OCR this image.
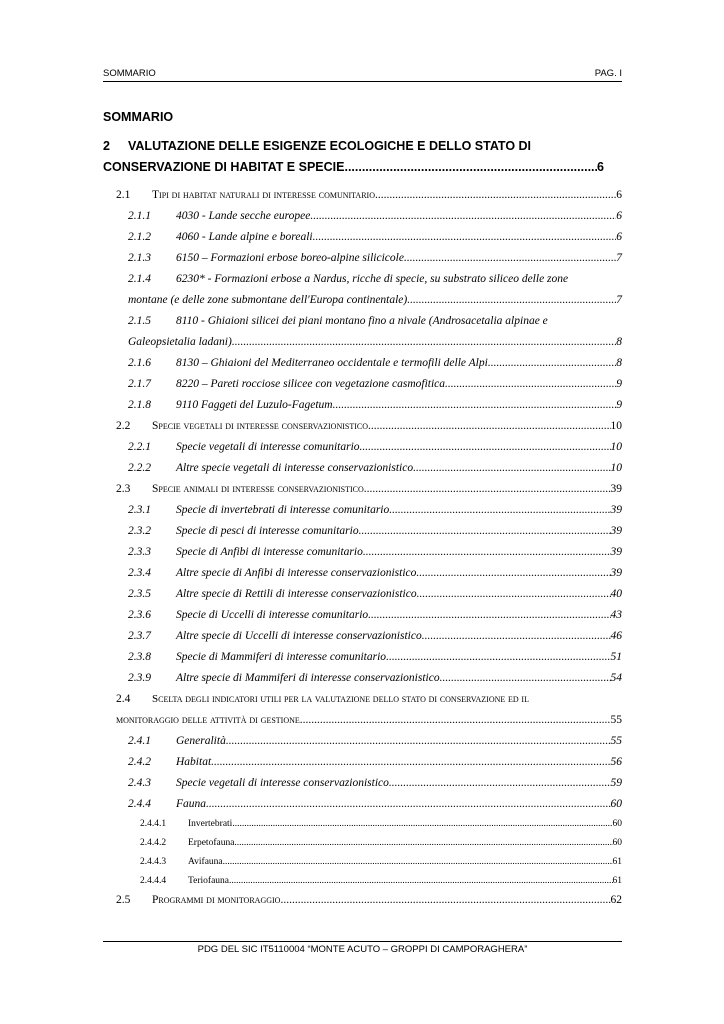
SOMMARIO	PAG. I
SOMMARIO
2 VALUTAZIONE DELLE ESIGENZE ECOLOGICHE E DELLO STATO DI
CONSERVAZIONE DI HABITAT E SPECIE .....	6
2.1	Tipi di habitat naturali di interesse comunitario .....	6
2.1.1	4030 - Lande secche europee .....	6
2.1.2	4060 - Lande alpine e boreali .....	6
2.1.3	6150 – Formazioni erbose boreo-alpine silicicole .....	7
2.1.4	6230* - Formazioni erbose a Nardus, ricche di specie, su substrato siliceo delle zone
montane (e delle zone submontane dell'Europa continentale) .....	7
2.1.5	8110 - Ghiaioni silicei dei piani montano fino a nivale (Androsacetalia alpinae e
Galeopsietalia ladani) .....	8
2.1.6	8130 – Ghiaioni del Mediterraneo occidentale e termofili delle Alpi .....	8
2.1.7	8220 – Pareti rocciose silicee con vegetazione casmofitica .....	9
2.1.8	9110 Faggeti del Luzulo-Fagetum .....	9
2.2	Specie vegetali di interesse conservazionistico .....	10
2.2.1	Specie vegetali di interesse comunitario .....	10
2.2.2	Altre specie vegetali di interesse conservazionistico .....	10
2.3	Specie animali di interesse conservazionistico .....	39
2.3.1	Specie di invertebrati di interesse comunitario .....	39
2.3.2	Specie di pesci di interesse comunitario .....	39
2.3.3	Specie di Anfibi di interesse comunitario .....	39
2.3.4	Altre specie di Anfibi di interesse conservazionistico .....	39
2.3.5	Altre specie di Rettili di interesse conservazionistico .....	40
2.3.6	Specie di Uccelli di interesse comunitario .....	43
2.3.7	Altre specie di Uccelli di interesse conservazionistico .....	46
2.3.8	Specie di Mammiferi di interesse comunitario .....	51
2.3.9	Altre specie di Mammiferi di interesse conservazionistico .....	54
2.4	Scelta degli indicatori utili per la valutazione dello stato di conservazione ed il
monitoraggio delle attività di gestione .....	55
2.4.1	Generalità .....	55
2.4.2	Habitat .....	56
2.4.3	Specie vegetali di interesse conservazionistico .....	59
2.4.4	Fauna .....	60
2.4.4.1	Invertebrati .....	60
2.4.4.2	Erpetofauna .....	60
2.4.4.3	Avifauna .....	61
2.4.4.4	Teriofauna .....	61
2.5	Programmi di monitoraggio .....	62
PDG DEL SIC IT5110004 “MONTE ACUTO – GROPPI DI CAMPORAGHERA”
